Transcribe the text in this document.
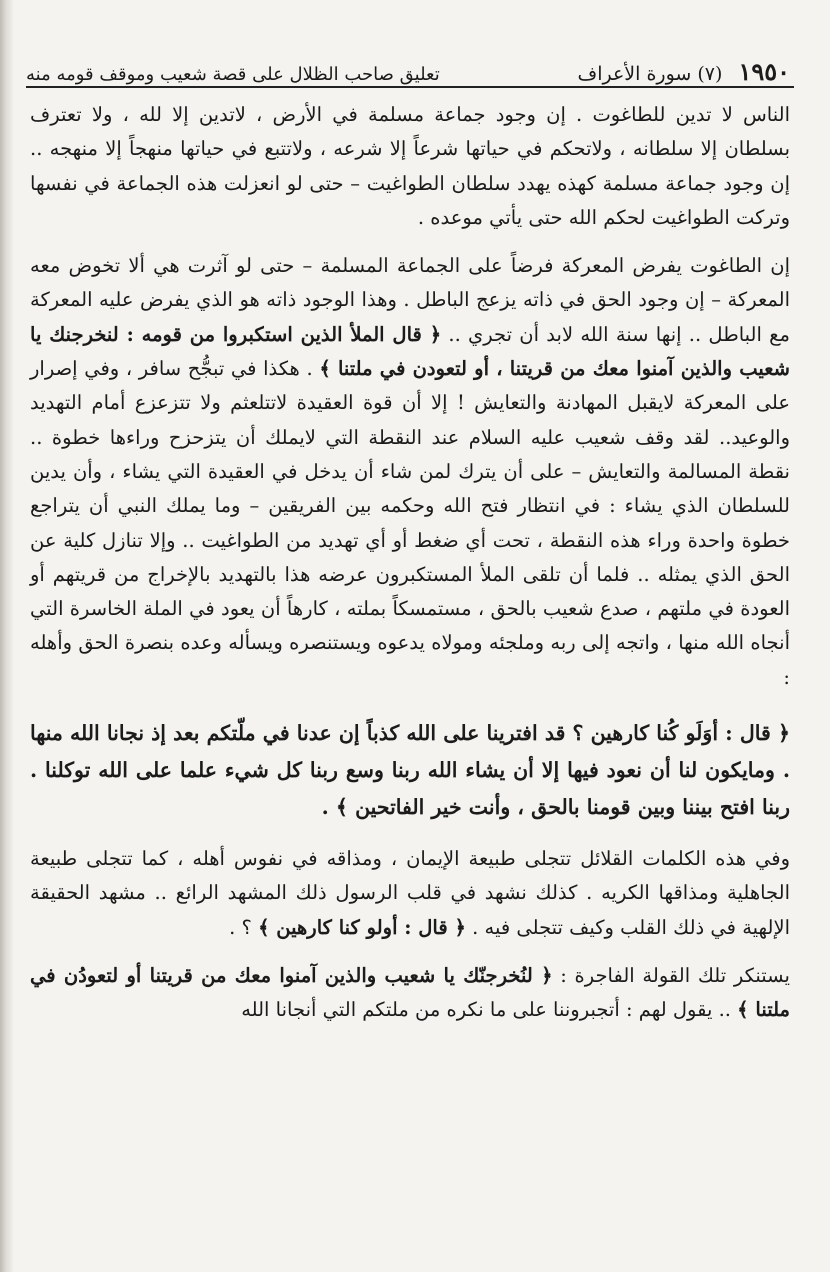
١٩٥٠
(٧) سورة الأعراف
تعليق صاحب الظلال على قصة شعيب وموقف قومه منه

الناس لا تدين للطاغوت . إن وجود جماعة مسلمة في الأرض ، لاتدين إلا لله ، ولا تعترف بسلطان إلا سلطانه ، ولاتحكم في حياتها شرعاً إلا شرعه ، ولاتتبع في حياتها منهجاً إلا منهجه .. إن وجود جماعة مسلمة كهذه يهدد سلطان الطواغيت – حتى لو انعزلت هذه الجماعة في نفسها وتركت الطواغيت لحكم الله حتى يأتي موعده .

إن الطاغوت يفرض المعركة فرضاً على الجماعة المسلمة – حتى لو آثرت هي ألا تخوض معه المعركة – إن وجود الحق في ذاته يزعج الباطل . وهذا الوجود ذاته هو الذي يفرض عليه المعركة مع الباطل .. إنها سنة الله لابد أن تجري .. ﴿ قال الملأ الذين استكبروا من قومه : لنخرجنك يا شعيب والذين آمنوا معك من قريتنا ، أو لتعودن في ملتنا ﴾ . هكذا في تبجُّح سافر ، وفي إصرار على المعركة لايقبل المهادنة والتعايش ! إلا أن قوة العقيدة لاتتلعثم ولا تتزعزع أمام التهديد والوعيد.. لقد وقف شعيب عليه السلام عند النقطة التي لايملك أن يتزحزح وراءها خطوة .. نقطة المسالمة والتعايش – على أن يترك لمن شاء أن يدخل في العقيدة التي يشاء ، وأن يدين للسلطان الذي يشاء : في انتظار فتح الله وحكمه بين الفريقين – وما يملك النبي أن يتراجع خطوة واحدة وراء هذه النقطة ، تحت أي ضغط أو أي تهديد من الطواغيت .. وإلا تنازل كلية عن الحق الذي يمثله .. فلما أن تلقى الملأ المستكبرون عرضه هذا بالتهديد بالإخراج من قريتهم أو العودة في ملتهم ، صدع شعيب بالحق ، مستمسكاً بملته ، كارهاً أن يعود في الملة الخاسرة التي أنجاه الله منها ، واتجه إلى ربه وملجئه ومولاه يدعوه ويستنصره ويسأله وعده بنصرة الحق وأهله :

﴿ قال : أوَلَو كُنا كارهين ؟ قد افترينا على الله كذباً إن عدنا في ملّتكم بعد إذ نجانا الله منها . ومايكون لنا أن نعود فيها إلا أن يشاء الله ربنا وسع ربنا كل شيء علما على الله توكلنا . ربنا افتح بيننا وبين قومنا بالحق ، وأنت خير الفاتحين ﴾ .

وفي هذه الكلمات القلائل تتجلى طبيعة الإيمان ، ومذاقه في نفوس أهله ، كما تتجلى طبيعة الجاهلية ومذاقها الكريه . كذلك نشهد في قلب الرسول ذلك المشهد الرائع .. مشهد الحقيقة الإلهية في ذلك القلب وكيف تتجلى فيه . ﴿ قال : أولو كنا كارهين ﴾ ؟ .

يستنكر تلك القولة الفاجرة : ﴿ لنُخرجنّك يا شعيب والذين آمنوا معك من قريتنا أو لتعودُن في ملتنا ﴾ .. يقول لهم : أتجبروننا على ما نكره من ملتكم التي أنجانا الله
